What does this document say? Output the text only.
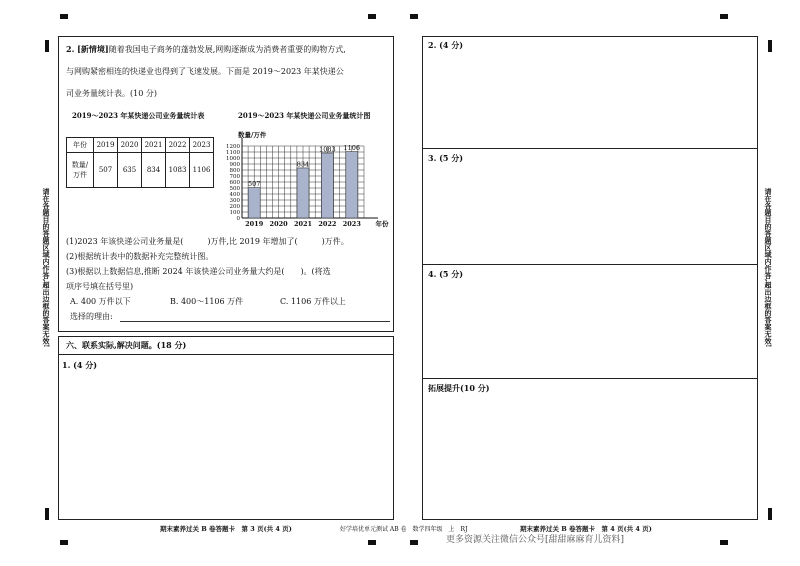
请在各题目的答题区域内作答,超出边框的答案无效!	请在各题目的答题区域内作答,超出边框的答案无效!
2. [新情境]随着我国电子商务的蓬勃发展,网购逐渐成为消费者重要的购物方式,
与网购紧密相连的快递业也得到了飞速发展。下面是 2019～2023 年某快递公
司业务量统计表。(10 分)
2019～2023 年某快递公司业务量统计表	2019～2023 年某快递公司业务量统计图
年份	2019	2020	2021	2022	2023
数量/
万件	507	635	834	1083	1106
0
100
200
300
400
500
600
700
800
900
1000
1100
1200
507
2019 2020
834
2021
1083
2022
1106
2023
数量/万件
年份
(1)2023 年该快递公司业务量是(　　　)万件,比 2019 年增加了(　　　)万件。
(2)根据统计表中的数据补充完整统计图。
(3)根据以上数据信息,推断 2024 年该快递公司业务量大约是(　　)。(将选
项序号填在括号里)
A. 400 万件以下	B. 400～1106 万件	C. 1106 万件以上
选择的理由:
六、联系实际,解决问题。(18 分)
1. (4 分)
期末素养过关 B 卷答题卡　第 3 页(共 4 页)	好学培优单元测试 AB 卷　数学四年级　上　RJ
2. (4 分)
3. (5 分)
4. (5 分)
拓展提升(10 分)
期末素养过关 B 卷答题卡　第 4 页(共 4 页)
更多资源关注微信公众号[甜甜麻麻育儿资料]
